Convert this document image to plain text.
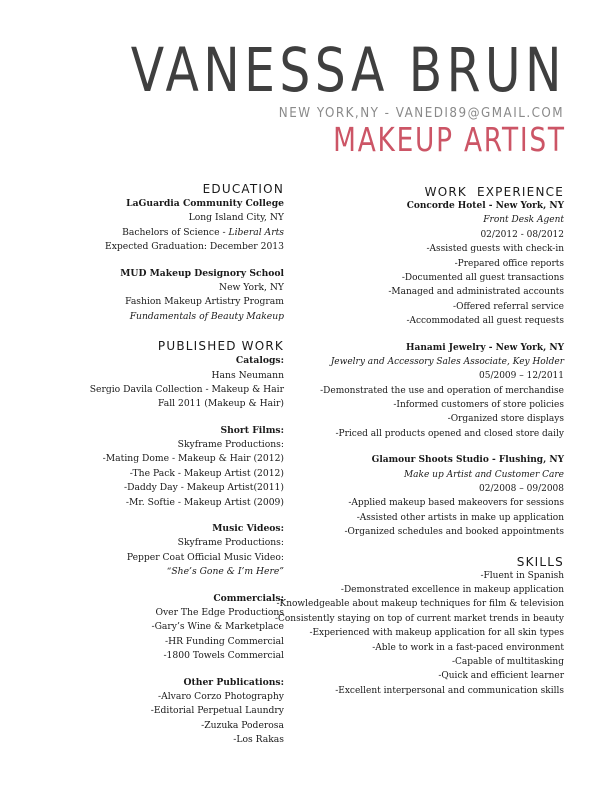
VANESSA BRUN
NEW YORK,NY - VANEDI89@GMAIL.COM
MAKEUP ARTIST
EDUCATION
LaGuardia Community College
Long Island City, NY
Bachelors of Science - Liberal Arts
Expected Graduation: December 2013
MUD Makeup Designory School
New York, NY
Fashion Makeup Artistry Program
Fundamentals of Beauty Makeup
PUBLISHED WORK
Catalogs:
Hans Neumann
Sergio Davila Collection - Makeup & Hair
Fall 2011 (Makeup & Hair)
Short Films:
Skyframe Productions:
-Mating Dome - Makeup & Hair (2012)
-The Pack - Makeup Artist (2012)
-Daddy Day - Makeup Artist(2011)
-Mr. Softie - Makeup Artist (2009)
Music Videos:
Skyframe Productions:
Pepper Coat Official Music Video:
“She’s Gone & I’m Here”
Commercials:
Over The Edge Productions
-Gary’s Wine & Marketplace
-HR Funding Commercial
-1800 Towels Commercial
Other Publications:
-Alvaro Corzo Photography
-Editorial Perpetual Laundry
-Zuzuka Poderosa
-Los Rakas
WORK  EXPERIENCE
Concorde Hotel - New York, NY
Front Desk Agent
02/2012 - 08/2012
-Assisted guests with check-in
-Prepared office reports
-Documented all guest transactions
-Managed and administrated accounts
-Offered referral service
-Accommodated all guest requests
Hanami Jewelry - New York, NY
Jewelry and Accessory Sales Associate, Key Holder
05/2009 – 12/2011
-Demonstrated the use and operation of merchandise
-Informed customers of store policies
-Organized store displays
-Priced all products opened and closed store daily
Glamour Shoots Studio - Flushing, NY
Make up Artist and Customer Care
02/2008 – 09/2008
-Applied makeup based makeovers for sessions
-Assisted other artists in make up application
-Organized schedules and booked appointments
SKILLS
-Fluent in Spanish
-Demonstrated excellence in makeup application
-Knowledgeable about makeup techniques for film & television
-Consistently staying on top of current market trends in beauty
-Experienced with makeup application for all skin types
-Able to work in a fast-paced environment
-Capable of multitasking
-Quick and efficient learner
-Excellent interpersonal and communication skills
